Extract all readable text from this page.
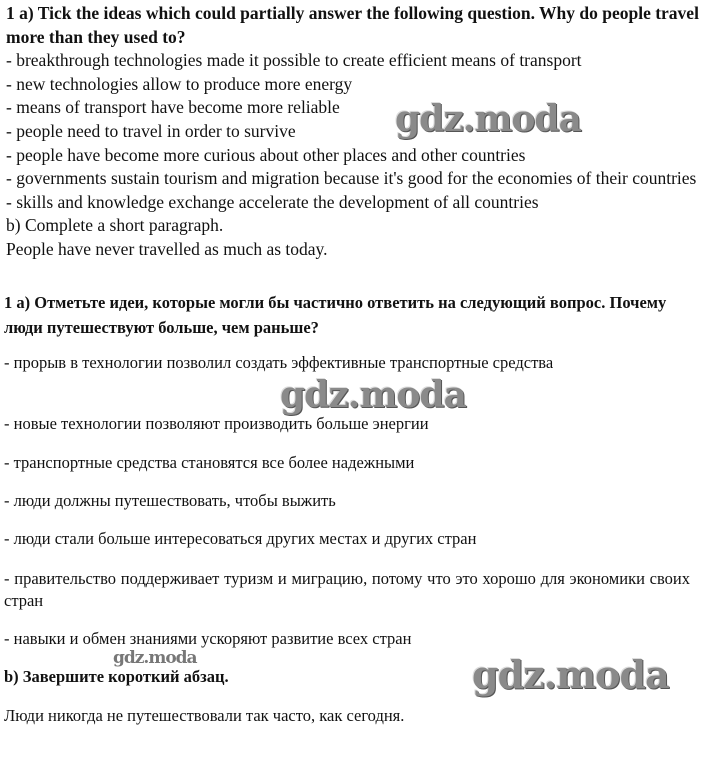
1 a) Tick the ideas which could partially answer the following question. Why do people travel more than they used to?

- breakthrough technologies made it possible to create efficient means of transport

- new technologies allow to produce more energy

- means of transport have become more reliable

- people need to travel in order to survive

- people have become more curious about other places and other countries

- governments sustain tourism and migration because it's good for the economies of their countries

- skills and knowledge exchange accelerate the development of all countries

b) Complete a short paragraph.

People have never travelled as much as today.

1 а) Отметьте идеи, которые могли бы частично ответить на следующий вопрос. Почему люди путешествуют больше, чем раньше?

- прорыв в технологии позволил создать эффективные транспортные средства

- новые технологии позволяют производить больше энергии

- транспортные средства становятся все более надежными

- люди должны путешествовать, чтобы выжить

- люди стали больше интересоваться других местах и других стран

- правительство поддерживает туризм и миграцию, потому что это хорошо для экономики своих стран

- навыки и обмен знаниями ускоряют развитие всех стран

b) Завершите короткий абзац.

Люди никогда не путешествовали так часто, как сегодня.

gdz.moda
gdz.moda
gdz.moda	gdz.moda
